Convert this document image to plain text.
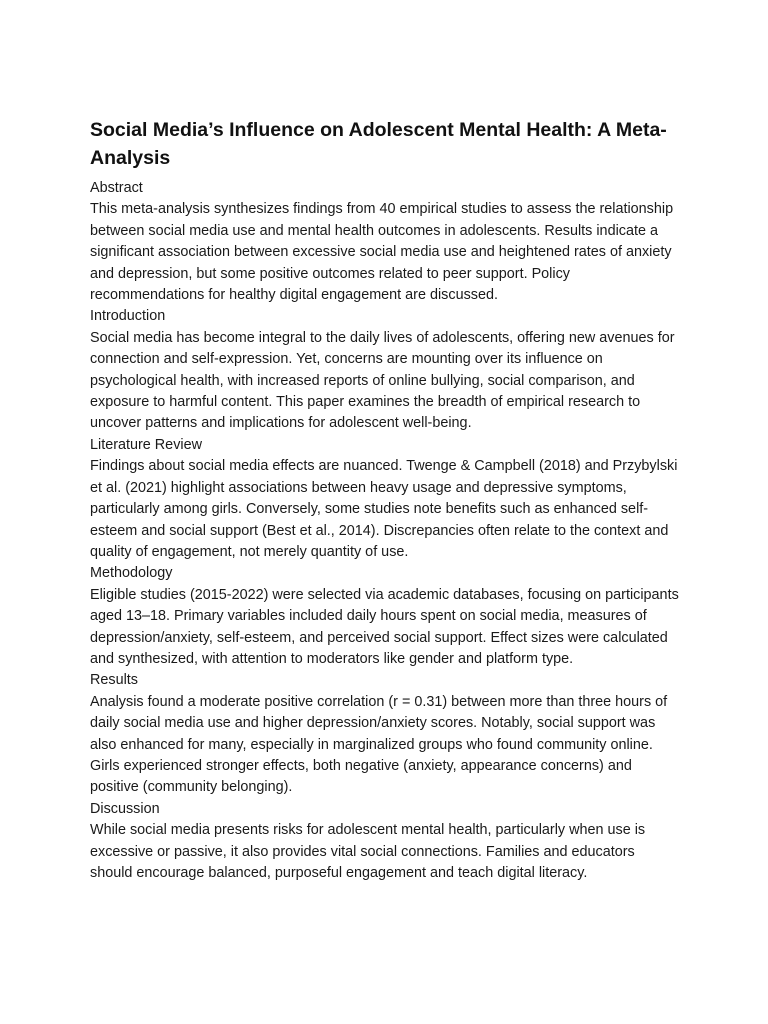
Social Media’s Influence on Adolescent Mental Health: A Meta-Analysis

Abstract

This meta-analysis synthesizes findings from 40 empirical studies to assess the relationship between social media use and mental health outcomes in adolescents. Results indicate a significant association between excessive social media use and heightened rates of anxiety and depression, but some positive outcomes related to peer support. Policy recommendations for healthy digital engagement are discussed.

Introduction

Social media has become integral to the daily lives of adolescents, offering new avenues for connection and self-expression. Yet, concerns are mounting over its influence on psychological health, with increased reports of online bullying, social comparison, and exposure to harmful content. This paper examines the breadth of empirical research to uncover patterns and implications for adolescent well-being.

Literature Review

Findings about social media effects are nuanced. Twenge & Campbell (2018) and Przybylski et al. (2021) highlight associations between heavy usage and depressive symptoms, particularly among girls. Conversely, some studies note benefits such as enhanced self-esteem and social support (Best et al., 2014). Discrepancies often relate to the context and quality of engagement, not merely quantity of use.

Methodology

Eligible studies (2015-2022) were selected via academic databases, focusing on participants aged 13–18. Primary variables included daily hours spent on social media, measures of depression/anxiety, self-esteem, and perceived social support. Effect sizes were calculated and synthesized, with attention to moderators like gender and platform type.

Results

Analysis found a moderate positive correlation (r = 0.31) between more than three hours of daily social media use and higher depression/anxiety scores. Notably, social support was also enhanced for many, especially in marginalized groups who found community online. Girls experienced stronger effects, both negative (anxiety, appearance concerns) and positive (community belonging).

Discussion

While social media presents risks for adolescent mental health, particularly when use is excessive or passive, it also provides vital social connections. Families and educators should encourage balanced, purposeful engagement and teach digital literacy.
